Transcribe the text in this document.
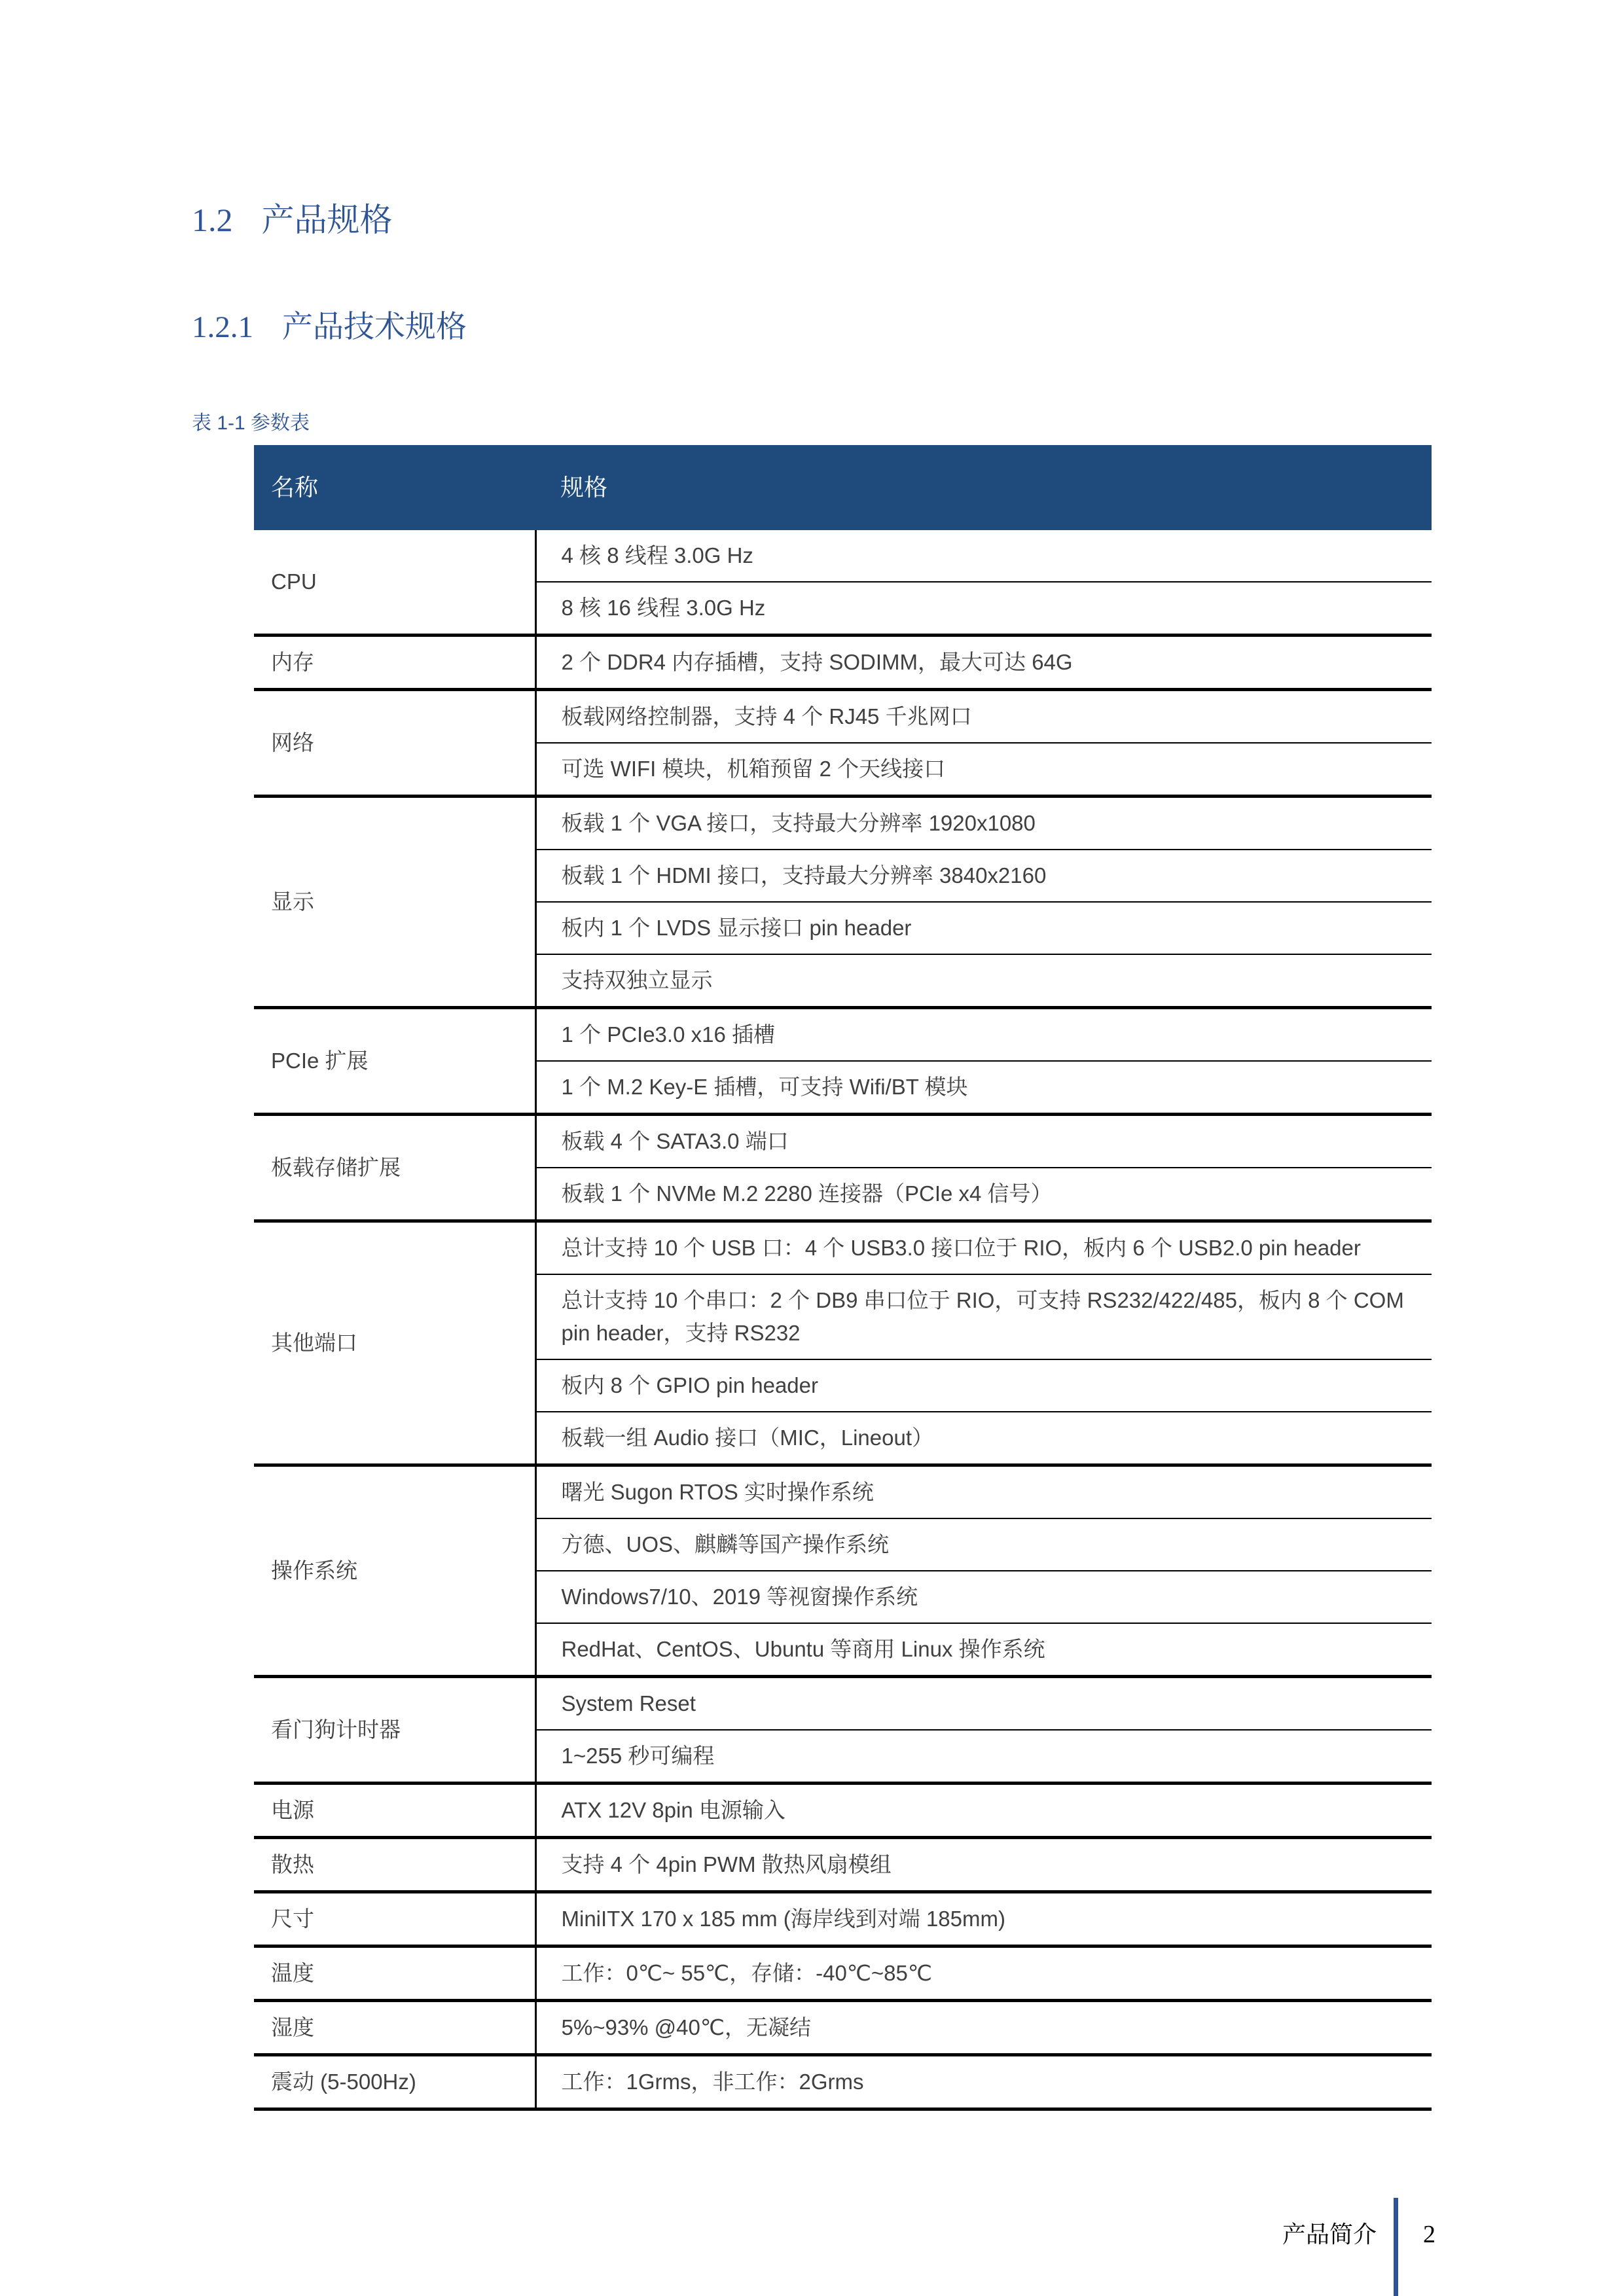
1.2 产品规格
1.2.1 产品技术规格
表 1-1 参数表
名称	规格
CPU	4 核 8 线程 3.0G Hz
	8 核 16 线程 3.0G Hz
内存	2 个 DDR4 内存插槽，支持 SODIMM，最大可达 64G
网络	板载网络控制器，支持 4 个 RJ45 千兆网口
	可选 WIFI 模块，机箱预留 2 个天线接口
显示	板载 1 个 VGA 接口，支持最大分辨率 1920x1080
	板载 1 个 HDMI 接口，支持最大分辨率 3840x2160
	板内 1 个 LVDS 显示接口 pin header
	支持双独立显示
PCIe 扩展	1 个 PCIe3.0 x16 插槽
	1 个 M.2 Key-E 插槽，可支持 Wifi/BT 模块
板载存储扩展	板载 4 个 SATA3.0 端口
	板载 1 个 NVMe M.2 2280 连接器（PCIe x4 信号）
其他端口	总计支持 10 个 USB 口：4 个 USB3.0 接口位于 RIO，板内 6 个 USB2.0 pin header
	总计支持 10 个串口：2 个 DB9 串口位于 RIO，可支持 RS232/422/485，板内 8 个 COM pin header，支持 RS232
	板内 8 个 GPIO pin header
	板载一组 Audio 接口（MIC，Lineout）
操作系统	曙光 Sugon RTOS 实时操作系统
	方德、UOS、麒麟等国产操作系统
	Windows7/10、2019 等视窗操作系统
	RedHat、CentOS、Ubuntu 等商用 Linux 操作系统
看门狗计时器	System Reset
	1~255 秒可编程
电源	ATX 12V 8pin 电源输入
散热	支持 4 个 4pin PWM 散热风扇模组
尺寸	MiniITX 170 x 185 mm (海岸线到对端 185mm)
温度	工作：0℃~ 55℃，存储：-40℃~85℃
湿度	5%~93% @40℃，无凝结
震动 (5-500Hz)	工作：1Grms，非工作：2Grms
产品简介 2
